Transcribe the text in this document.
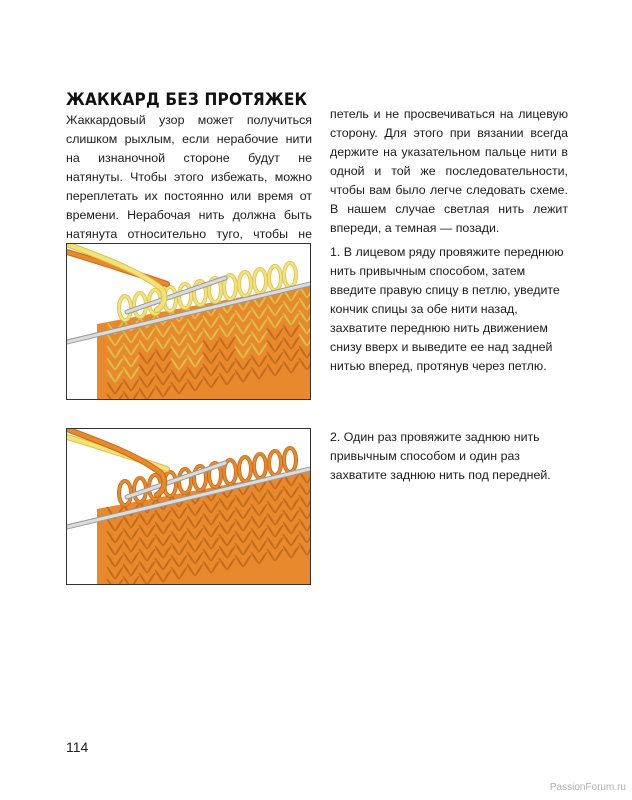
ЖАККАРД БЕЗ ПРОТЯЖЕК

Жаккардовый узор может получиться слишком рыхлым, если нерабочие нити на изнаночной стороне будут не натянуты. Чтобы этого избежать, можно переплетать их постоянно или время от времени. Нерабочая нить должна быть натянута относительно туго, чтобы не

петель и не просвечиваться на лицевую сторону. Для этого при вязании всегда держите на указательном пальце нити в одной и той же последовательности, чтобы вам было легче следовать схеме. В нашем случае светлая нить лежит впереди, а темная — позади.

1. В лицевом ряду провяжите переднюю нить привычным способом, затем введите правую спицу в петлю, уведите кончик спицы за обе нити назад, захватите переднюю нить движением снизу вверх и выведите ее над задней нитью вперед, протянув через петлю.

2. Один раз провяжите заднюю нить привычным способом и один раз захватите заднюю нить под передней.

114
PassionForum.ru
